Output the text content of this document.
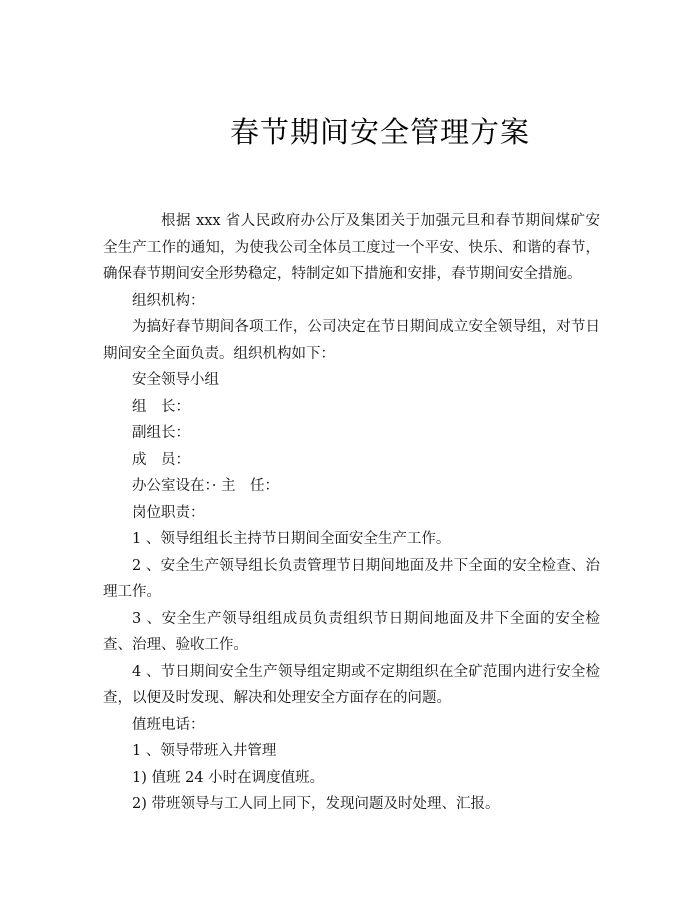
春节期间安全管理方案

根据 xxx 省人民政府办公厅及集团关于加强元旦和春节期间煤矿安全生产工作的通知，为使我公司全体员工度过一个平安、快乐、和谐的春节，确保春节期间安全形势稳定，特制定如下措施和安排，春节期间安全措施。

组织机构：

为搞好春节期间各项工作，公司决定在节日期间成立安全领导组，对节日期间安全全面负责。组织机构如下：

安全领导小组

组　长：

副组长：

成　员：

办公室设在：· 主　任：

岗位职责：

1 、领导组组长主持节日期间全面安全生产工作。

2 、安全生产领导组长负责管理节日期间地面及井下全面的安全检查、治理工作。

3 、安全生产领导组组成员负责组织节日期间地面及井下全面的安全检查、治理、验收工作。

4 、节日期间安全生产领导组定期或不定期组织在全矿范围内进行安全检查，以便及时发现、解决和处理安全方面存在的问题。

值班电话：

1 、领导带班入井管理

1) 值班 24 小时在调度值班。

2) 带班领导与工人同上同下，发现问题及时处理、汇报。
